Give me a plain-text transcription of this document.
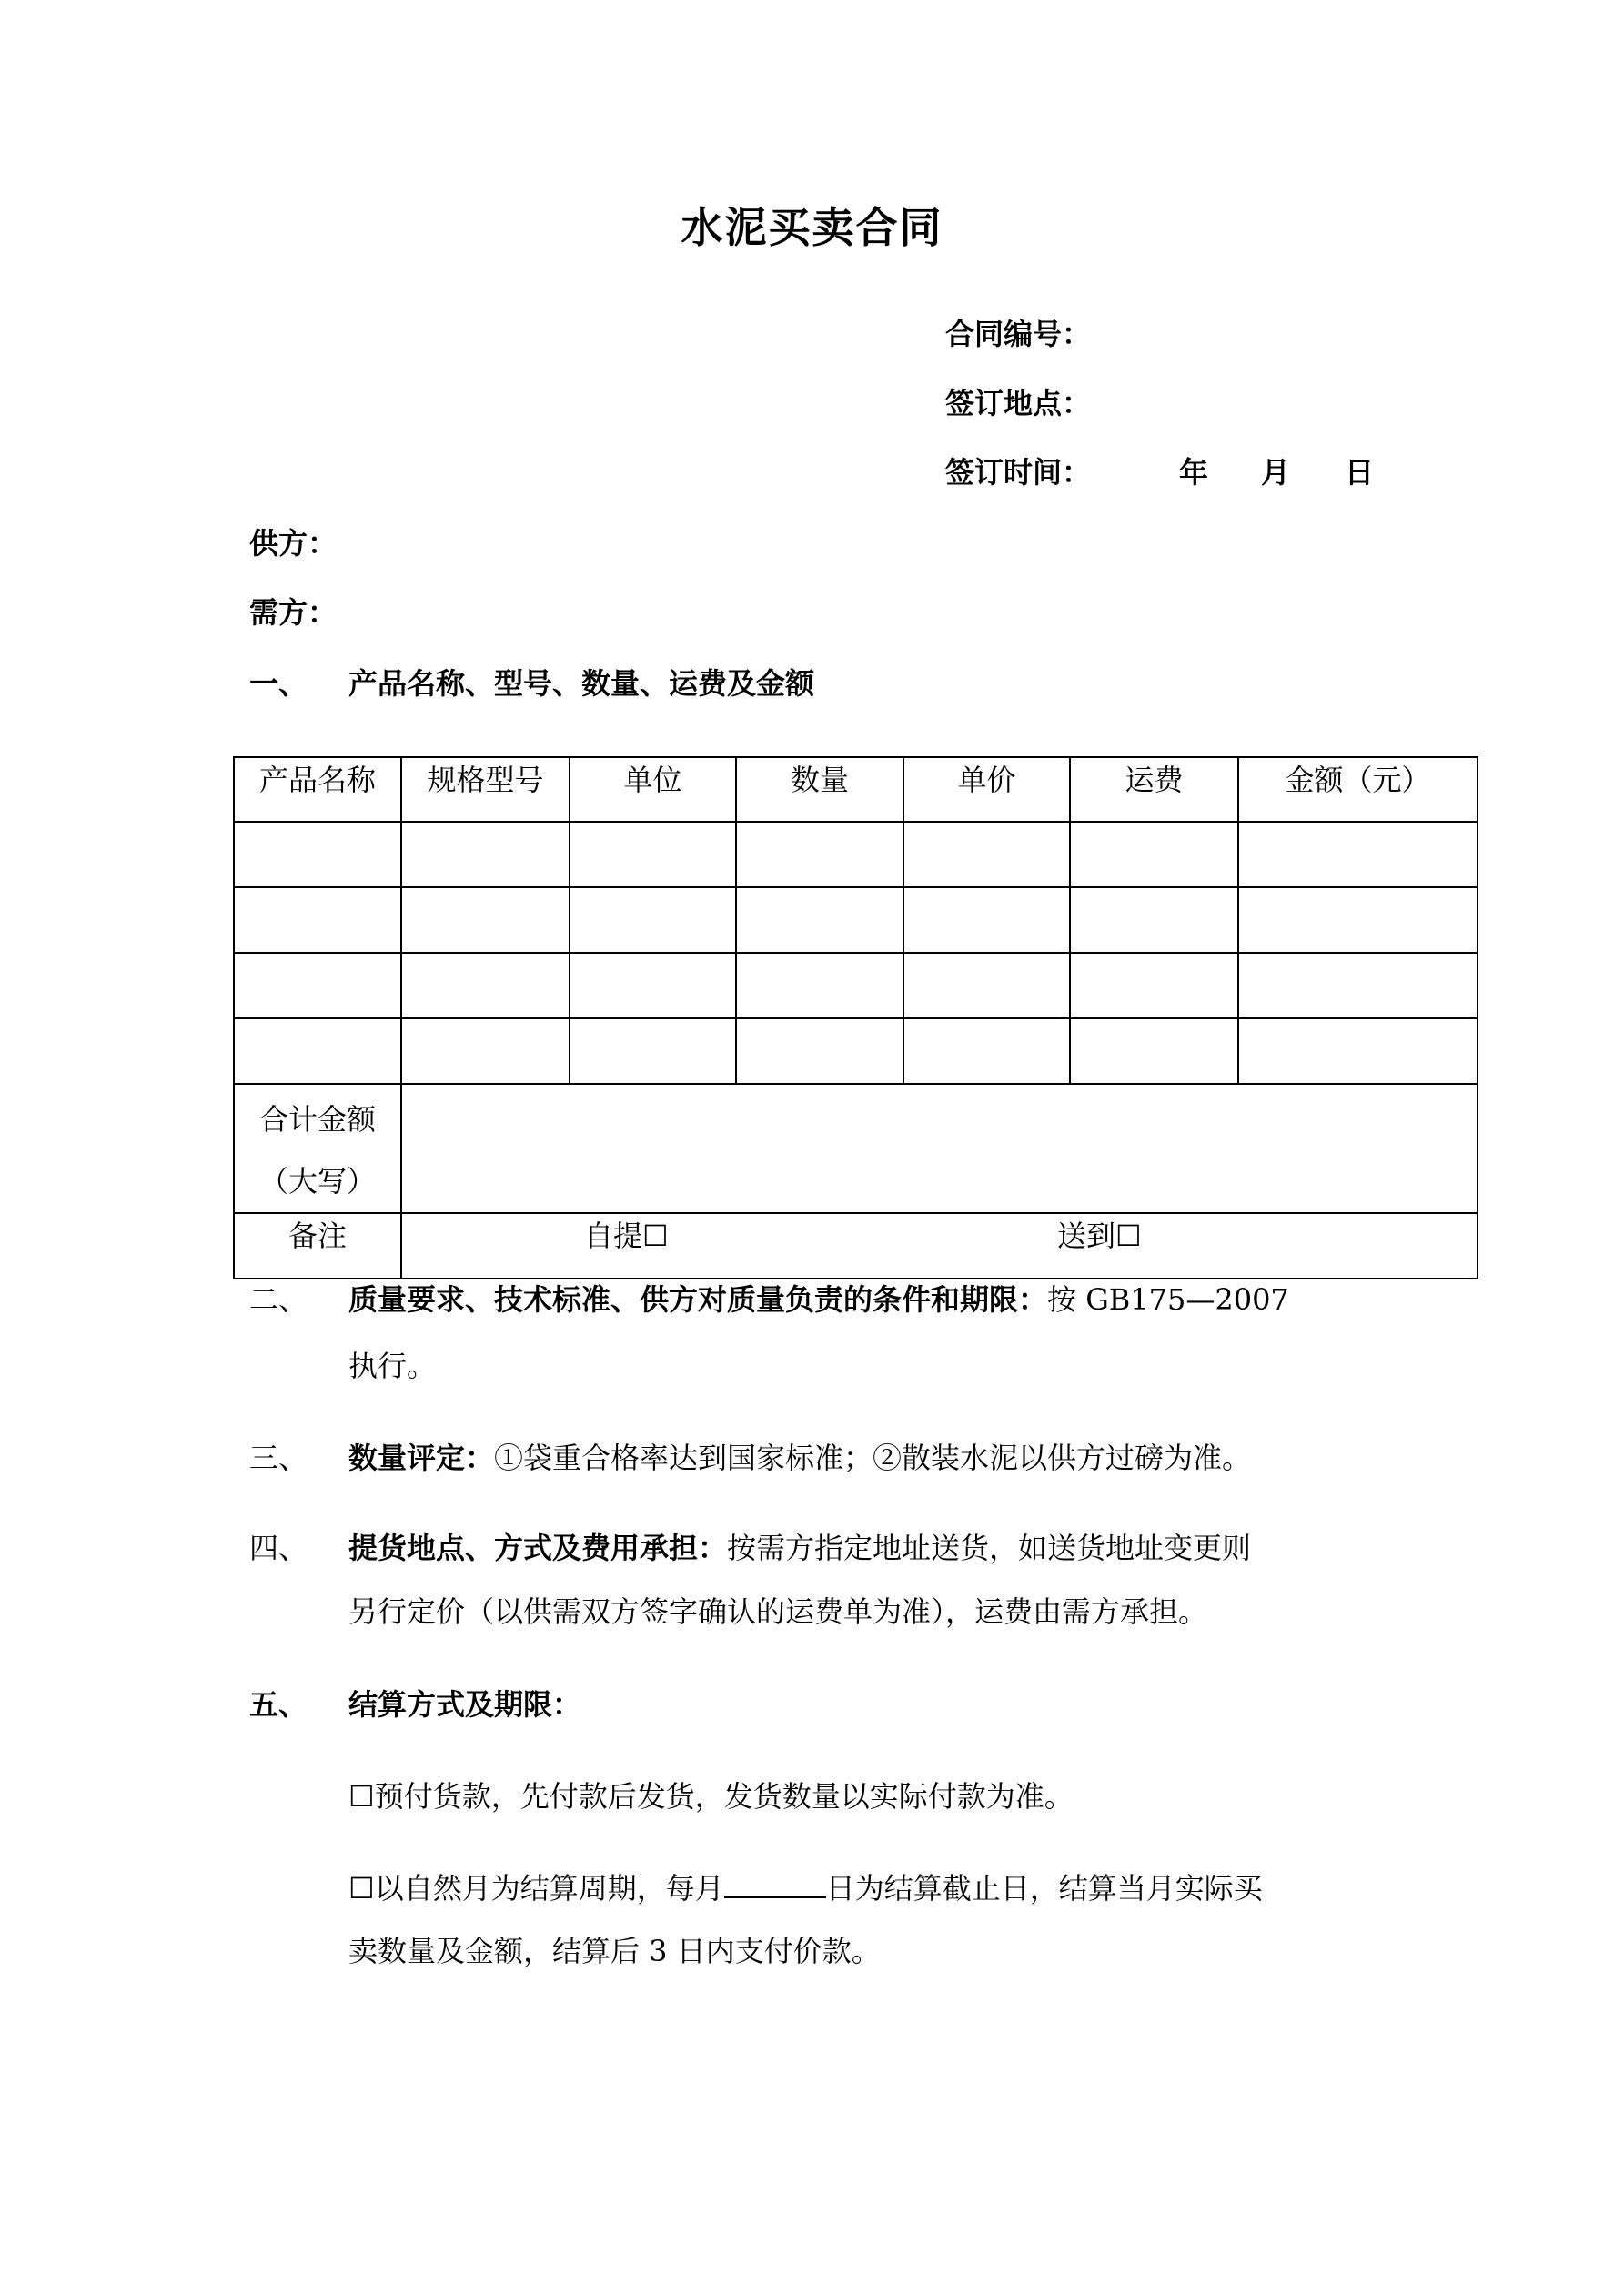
水泥买卖合同
合同编号：
签订地点：
签订时间：	年 月 日
供方：
需方：
一、 产品名称、型号、数量、运费及金额
产品名称	规格型号	单位	数量	单价	运费	金额（元）

合计金额
（大写）						

备注	自提☐ 送到☐					
二、 质量要求、技术标准、供方对质量负责的条件和期限：按 GB175—2007
执行。
三、 数量评定：①袋重合格率达到国家标准；②散装水泥以供方过磅为准。
四、 提货地点、方式及费用承担：按需方指定地址送货，如送货地址变更则
另行定价（以供需双方签字确认的运费单为准），运费由需方承担。
五、 结算方式及期限：
☐预付货款，先付款后发货，发货数量以实际付款为准。
☐以自然月为结算周期，每月	日为结算截止日，结算当月实际买
卖数量及金额，结算后 3 日内支付价款。
